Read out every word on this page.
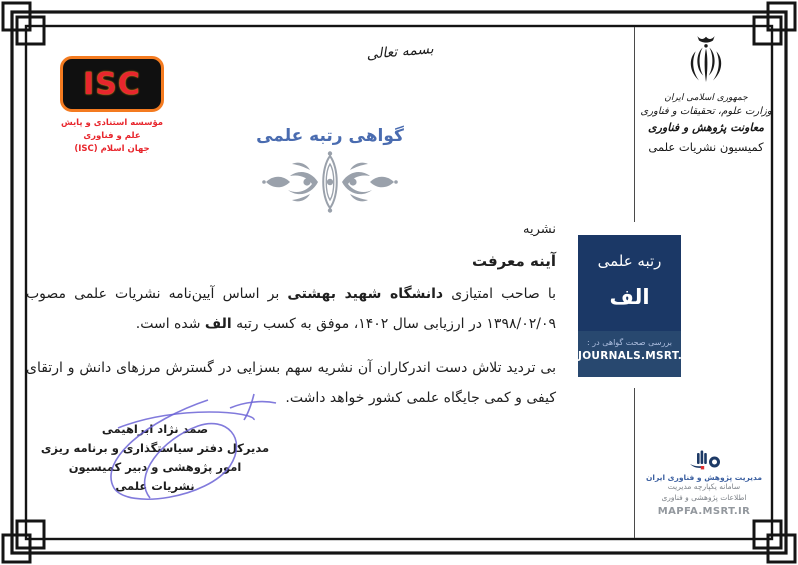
بسمه تعالی
ISC
مؤسسه استنادی و پایش علم و فناوری
جهان اسلام (ISC)
جمهوری اسلامی ایران
وزارت علوم، تحقیقات و فناوری
معاونت پژوهش و فناوری
کمیسیون نشریات علمی
گواهی رتبه علمی

نشریه

آینه معرفت

با صاحب امتیازی دانشگاه شهید بهشتی بر اساس آیین‌نامه نشریات علمی مصوب ۱۳۹۸/۰۲/۰۹ در ارزیابی سال ۱۴۰۲، موفق به کسب رتبه الف شده است.

بی تردید تلاش دست اندرکاران آن نشریه سهم بسزایی در گسترش مرزهای دانش و ارتقای کیفی و کمی جایگاه علمی کشور خواهد داشت.

رتبه علمی
الف
بررسی صحت گواهی در :
JOURNALS.MSRT.IR
صمد نژاد ابراهیمی
مدیرکل دفتر سیاستگذاری و برنامه ریزی
امور پژوهشی و دبیر کمیسیون
نشریات علمی
مدیریت پژوهش و فناوری ایران
سامانه یکپارچه مدیریت
اطلاعات پژوهشی و فناوری
MAPFA.MSRT.IR
